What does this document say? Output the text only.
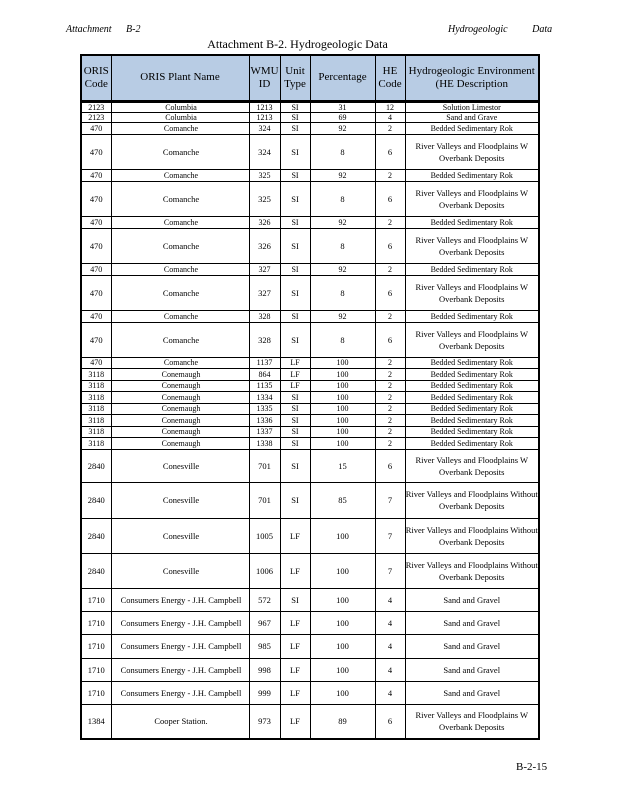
Attachment B-2	Hydrogeologic Data
Attachment B-2. Hydrogeologic Data
ORIS Code	ORIS Plant Name	WMU ID	Unit Type	Percentage	HE Code	Hydrogeologic Environment (HE Description
2123	Columbia	1213	SI	31	12	Solution Limestor
2123	Columbia	1213	SI	69	4	Sand and Grave
470	Comanche	324	SI	92	2	Bedded Sedimentary Rok
470	Comanche	324	SI	8	6	River Valleys and Floodplains W Overbank Deposits
470	Comanche	325	SI	92	2	Bedded Sedimentary Rok
470	Comanche	325	SI	8	6	River Valleys and Floodplains W Overbank Deposits
470	Comanche	326	SI	92	2	Bedded Sedimentary Rok
470	Comanche	326	SI	8	6	River Valleys and Floodplains W Overbank Deposits
470	Comanche	327	SI	92	2	Bedded Sedimentary Rok
470	Comanche	327	SI	8	6	River Valleys and Floodplains W Overbank Deposits
470	Comanche	328	SI	92	2	Bedded Sedimentary Rok
470	Comanche	328	SI	8	6	River Valleys and Floodplains W Overbank Deposits
470	Comanche	1137	LF	100	2	Bedded Sedimentary Rok
3118	Conemaugh	864	LF	100	2	Bedded Sedimentary Rok
3118	Conemaugh	1135	LF	100	2	Bedded Sedimentary Rok
3118	Conemaugh	1334	SI	100	2	Bedded Sedimentary Rok
3118	Conemaugh	1335	SI	100	2	Bedded Sedimentary Rok
3118	Conemaugh	1336	SI	100	2	Bedded Sedimentary Rok
3118	Conemaugh	1337	SI	100	2	Bedded Sedimentary Rok
3118	Conemaugh	1338	SI	100	2	Bedded Sedimentary Rok
2840	Conesville	701	SI	15	6	River Valleys and Floodplains W Overbank Deposits
2840	Conesville	701	SI	85	7	River Valleys and Floodplains Without Overbank Deposits
2840	Conesville	1005	LF	100	7	River Valleys and Floodplains Without Overbank Deposits
2840	Conesville	1006	LF	100	7	River Valleys and Floodplains Without Overbank Deposits
1710	Consumers Energy - J.H. Campbell	572	SI	100	4	Sand and Gravel
1710	Consumers Energy - J.H. Campbell	967	LF	100	4	Sand and Gravel
1710	Consumers Energy - J.H. Campbell	985	LF	100	4	Sand and Gravel
1710	Consumers Energy - J.H. Campbell	998	LF	100	4	Sand and Gravel
1710	Consumers Energy - J.H. Campbell	999	LF	100	4	Sand and Gravel
1384	Cooper Station.	973	LF	89	6	River Valleys and Floodplains W Overbank Deposits
B-2-15
